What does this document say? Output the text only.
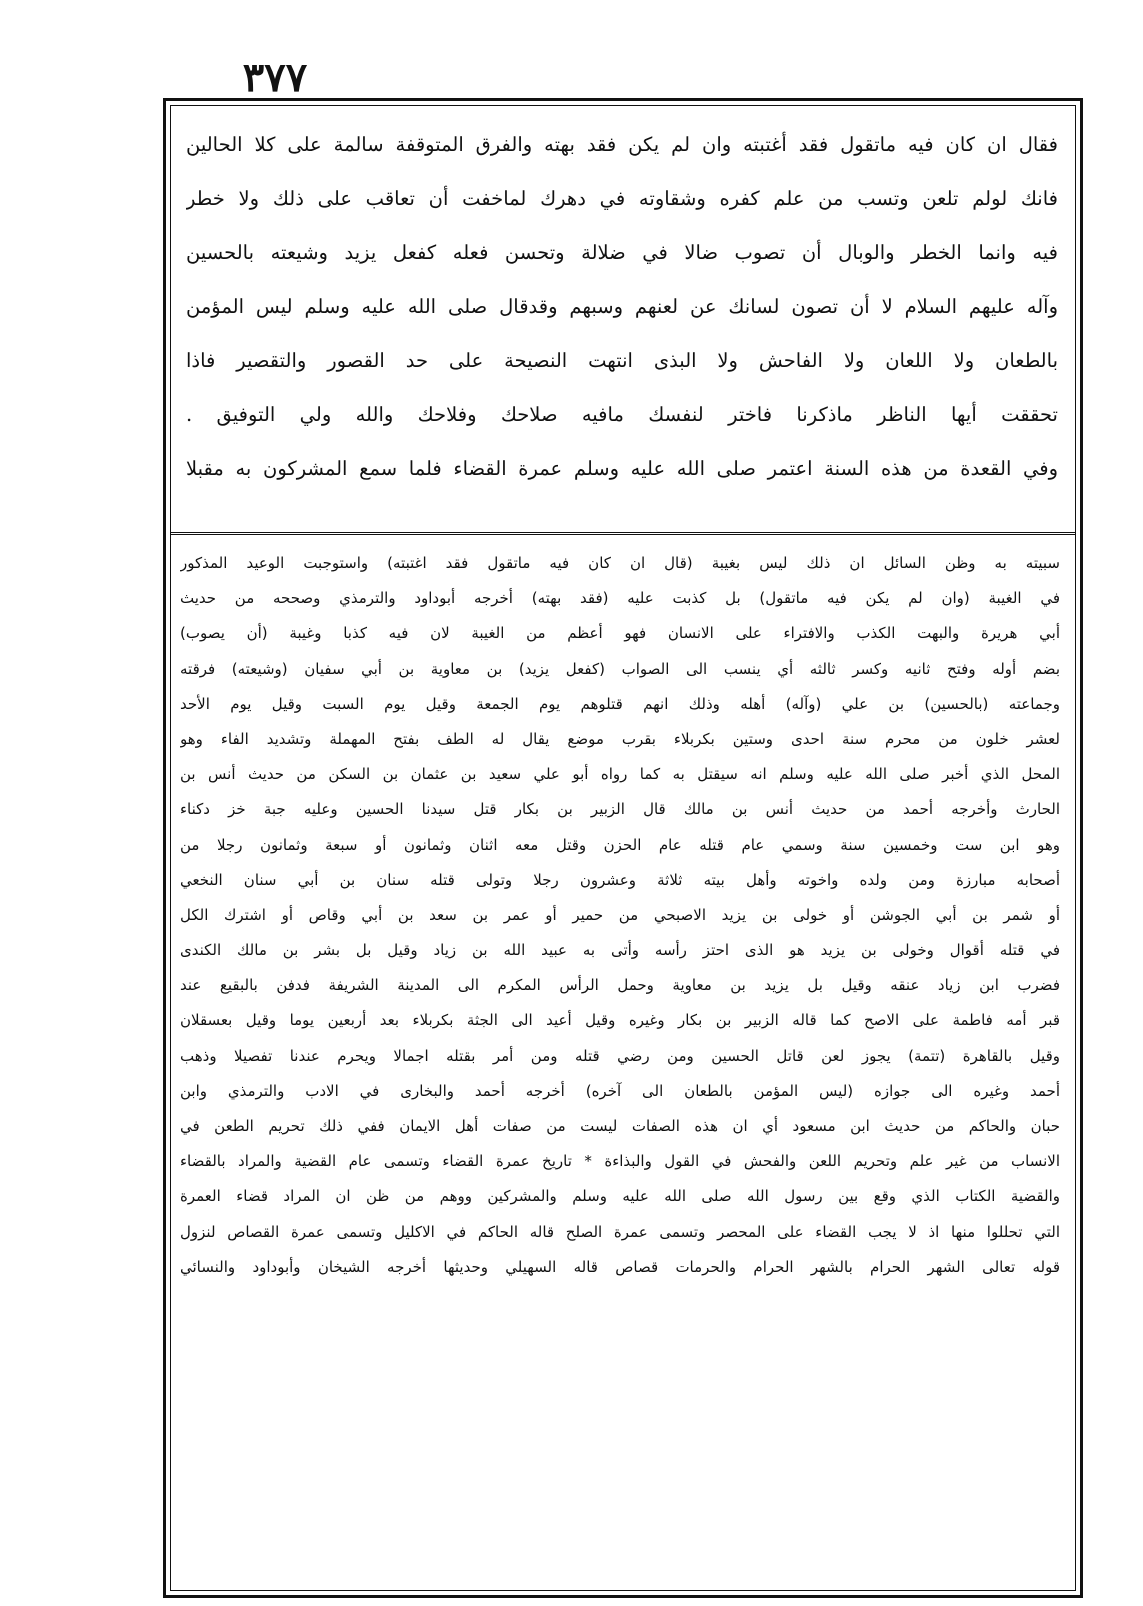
٣٧٧
فقال ان كان فيه ماتقول فقد أغتبته وان لم يكن فقد بهته والفرق المتوقفة سالمة على كلا الحالين
فانك لولم تلعن وتسب من علم كفره وشقاوته في دهرك لماخفت أن تعاقب على ذلك ولا خطر
فيه وانما الخطر والوبال أن تصوب ضالا في ضلالة وتحسن فعله كفعل يزيد وشيعته بالحسين
وآله عليهم السلام لا أن تصون لسانك عن لعنهم وسبهم وقدقال صلى الله عليه وسلم ليس المؤمن
بالطعان ولا اللعان ولا الفاحش ولا البذى انتهت النصيحة على حد القصور والتقصير فاذا
تحققت أيها الناظر ماذكرنا فاختر لنفسك مافيه صلاحك وفلاحك والله ولي التوفيق .
وفي القعدة من هذه السنة اعتمر صلى الله عليه وسلم عمرة القضاء فلما سمع المشركون به مقبلا
سبيته به وظن السائل ان ذلك ليس بغيبة (قال ان كان فيه ماتقول فقد اغتبته) واستوجبت الوعيد المذكور
في الغيبة (وان لم يكن فيه ماتقول) بل كذبت عليه (فقد بهته) أخرجه أبوداود والترمذي وصححه من حديث
أبي هريرة والبهت الكذب والافتراء على الانسان فهو أعظم من الغيبة لان فيه كذبا وغيبة (أن يصوب)
بضم أوله وفتح ثانيه وكسر ثالثه أي ينسب الى الصواب (كفعل يزيد) بن معاوية بن أبي سفيان (وشيعته) فرقته
وجماعته (بالحسين) بن علي (وآله) أهله وذلك انهم قتلوهم يوم الجمعة وقيل يوم السبت وقيل يوم الأحد
لعشر خلون من محرم سنة احدى وستين بكربلاء بقرب موضع يقال له الطف بفتح المهملة وتشديد الفاء وهو
المحل الذي أخبر صلى الله عليه وسلم انه سيقتل به كما رواه أبو علي سعيد بن عثمان بن السكن من حديث أنس بن
الحارث وأخرجه أحمد من حديث أنس بن مالك قال الزبير بن بكار قتل سيدنا الحسين وعليه جبة خز دكناء
وهو ابن ست وخمسين سنة وسمي عام قتله عام الحزن وقتل معه اثنان وثمانون أو سبعة وثمانون رجلا من
أصحابه مبارزة ومن ولده واخوته وأهل بيته ثلاثة وعشرون رجلا وتولى قتله سنان بن أبي سنان النخعي
أو شمر بن أبي الجوشن أو خولى بن يزيد الاصبحي من حمير أو عمر بن سعد بن أبي وقاص أو اشترك الكل
في قتله أقوال وخولى بن يزيد هو الذى احتز رأسه وأتى به عبيد الله بن زياد وقيل بل بشر بن مالك الكندى
فضرب ابن زياد عنقه وقيل بل يزيد بن معاوية وحمل الرأس المكرم الى المدينة الشريفة فدفن بالبقيع عند
قبر أمه فاطمة على الاصح كما قاله الزبير بن بكار وغيره وقيل أعيد الى الجثة بكربلاء بعد أربعين يوما وقيل بعسقلان
وقيل بالقاهرة (تتمة) يجوز لعن قاتل الحسين ومن رضي قتله ومن أمر بقتله اجمالا ويحرم عندنا تفصيلا وذهب
أحمد وغيره الى جوازه (ليس المؤمن بالطعان الى آخره) أخرجه أحمد والبخارى في الادب والترمذي وابن
حبان والحاكم من حديث ابن مسعود أي ان هذه الصفات ليست من صفات أهل الايمان ففي ذلك تحريم الطعن في
الانساب من غير علم وتحريم اللعن والفحش في القول والبذاءة * تاريخ عمرة القضاء وتسمى عام القضية والمراد بالقضاء
والقضية الكتاب الذي وقع بين رسول الله صلى الله عليه وسلم والمشركين ووهم من ظن ان المراد قضاء العمرة
التي تحللوا منها اذ لا يجب القضاء على المحصر وتسمى عمرة الصلح قاله الحاكم في الاكليل وتسمى عمرة القصاص لنزول
قوله تعالى الشهر الحرام بالشهر الحرام والحرمات قصاص قاله السهيلي وحديثها أخرجه الشيخان وأبوداود والنسائي
